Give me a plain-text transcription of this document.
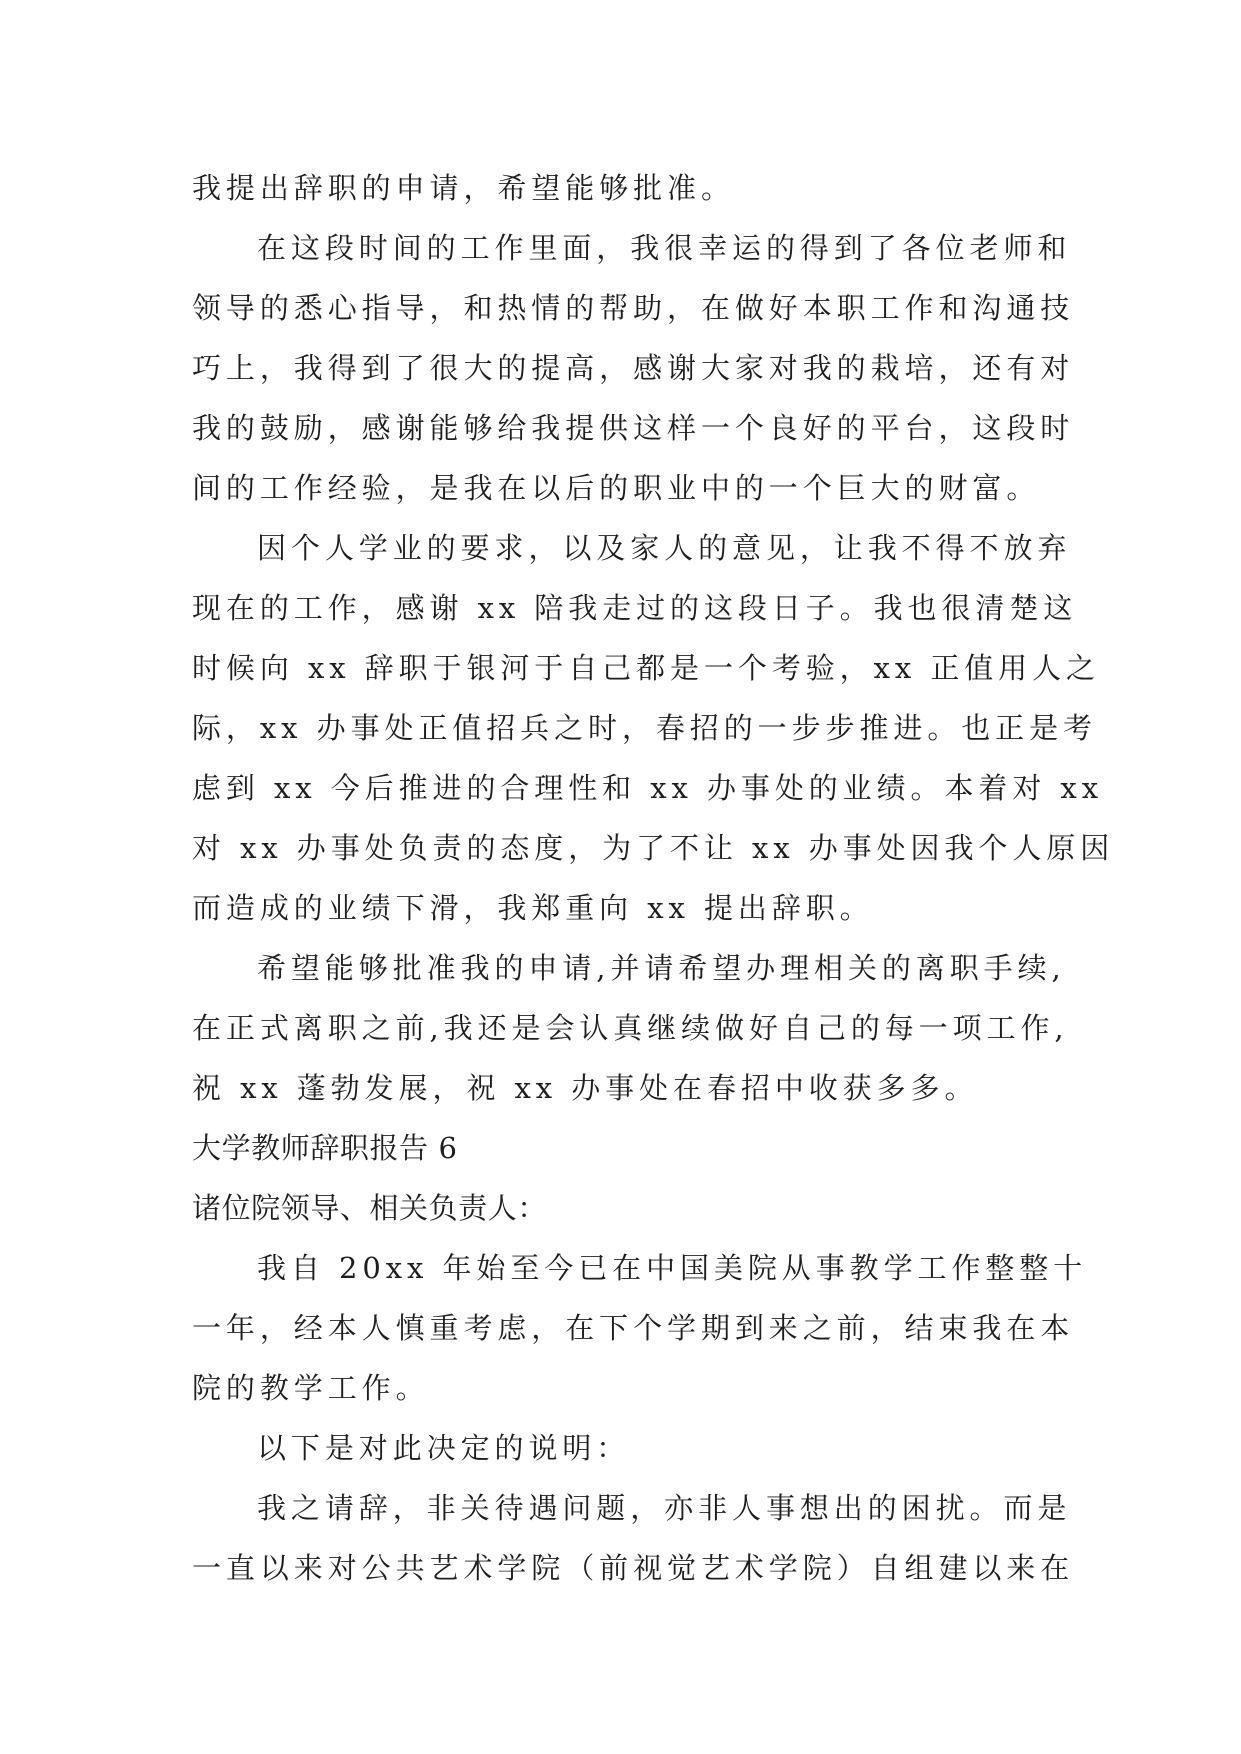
我提出辞职的申请，希望能够批准。
在这段时间的工作里面，我很幸运的得到了各位老师和
领导的悉心指导，和热情的帮助，在做好本职工作和沟通技
巧上，我得到了很大的提高，感谢大家对我的栽培，还有对
我的鼓励，感谢能够给我提供这样一个良好的平台，这段时
间的工作经验，是我在以后的职业中的一个巨大的财富。
因个人学业的要求，以及家人的意见，让我不得不放弃
现在的工作，感谢 xx 陪我走过的这段日子。我也很清楚这
时候向 xx 辞职于银河于自己都是一个考验，xx 正值用人之
际，xx 办事处正值招兵之时，春招的一步步推进。也正是考
虑到 xx 今后推进的合理性和 xx 办事处的业绩。本着对 xx
对 xx 办事处负责的态度，为了不让 xx 办事处因我个人原因
而造成的业绩下滑，我郑重向 xx 提出辞职。
希望能够批准我的申请,并请希望办理相关的离职手续,
在正式离职之前,我还是会认真继续做好自己的每一项工作,
祝 xx 蓬勃发展，祝 xx 办事处在春招中收获多多。
大学教师辞职报告 6
诸位院领导、相关负责人：
我自 20xx 年始至今已在中国美院从事教学工作整整十
一年，经本人慎重考虑，在下个学期到来之前，结束我在本
院的教学工作。
以下是对此决定的说明：
我之请辞，非关待遇问题，亦非人事想出的困扰。而是
一直以来对公共艺术学院（前视觉艺术学院）自组建以来在
